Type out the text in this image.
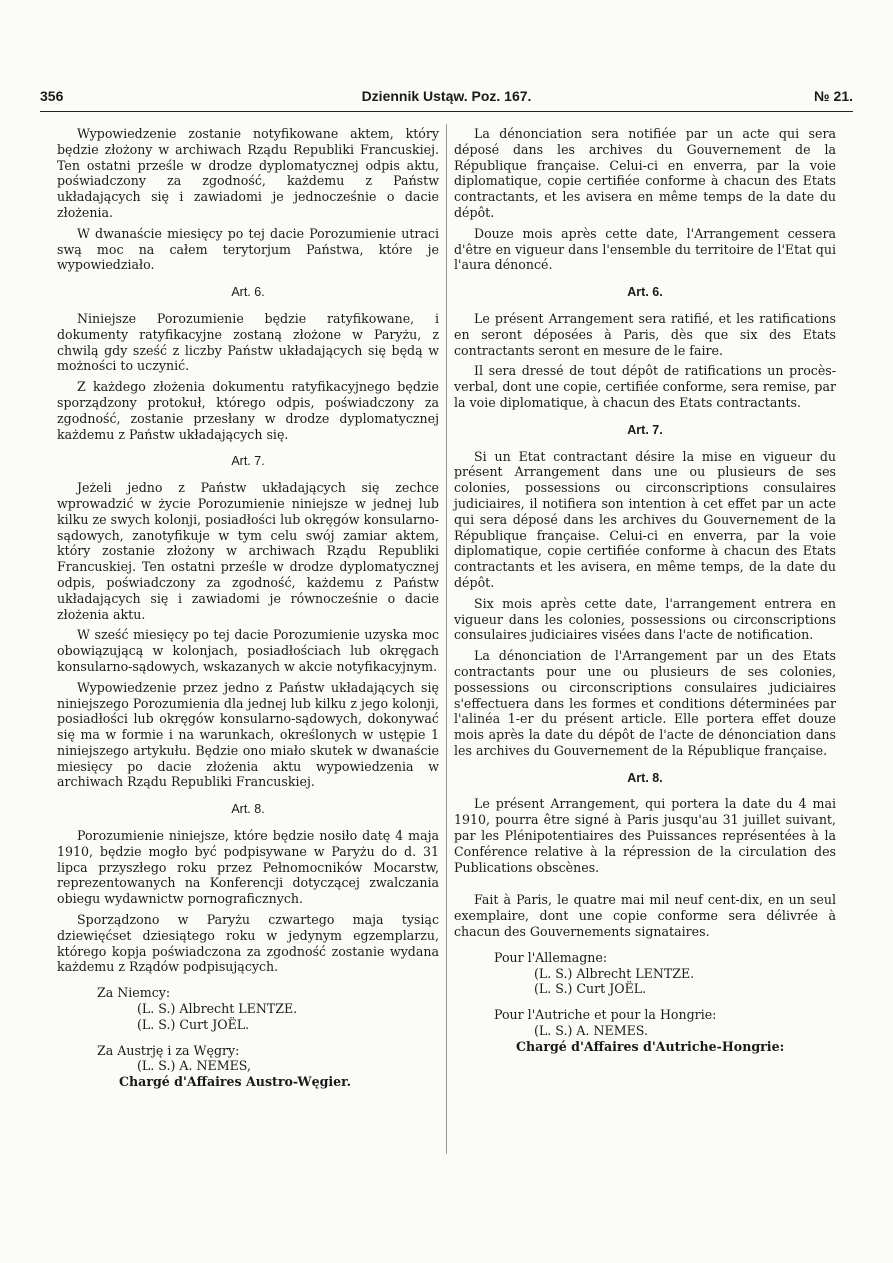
356	Dziennik Ustąw. Poz. 167.	№ 21.

Wypowiedzenie zostanie notyfikowane aktem, który będzie złożony w archiwach Rządu Republiki Francuskiej. Ten ostatni prześle w drodze dyplomatycznej odpis aktu, poświadczony za zgodność, każdemu z Państw układających się i zawiadomi je jednocześnie o dacie złożenia.

W dwanaście miesięcy po tej dacie Porozumienie utraci swą moc na całem terytorjum Państwa, które je wypowiedziało.

Art. 6.

Niniejsze Porozumienie będzie ratyfikowane, i dokumenty ratyfikacyjne zostaną złożone w Paryżu, z chwilą gdy sześć z liczby Państw układających się będą w możności to uczynić.

Z każdego złożenia dokumentu ratyfikacyjnego będzie sporządzony protokuł, którego odpis, poświadczony za zgodność, zostanie przesłany w drodze dyplomatycznej każdemu z Państw układających się.

Art. 7.

Jeżeli jedno z Państw układających się zechce wprowadzić w życie Porozumienie niniejsze w jednej lub kilku ze swych kolonji, posiadłości lub okręgów konsularno-sądowych, zanotyfikuje w tym celu swój zamiar aktem, który zostanie złożony w archiwach Rządu Republiki Francuskiej. Ten ostatni prześle w drodze dyplomatycznej odpis, poświadczony za zgodność, każdemu z Państw układających się i zawiadomi je równocześnie o dacie złożenia aktu.

W sześć miesięcy po tej dacie Porozumienie uzyska moc obowiązującą w kolonjach, posiadłościach lub okręgach konsularno-sądowych, wskazanych w akcie notyfikacyjnym.

Wypowiedzenie przez jedno z Państw układających się niniejszego Porozumienia dla jednej lub kilku z jego kolonji, posiadłości lub okręgów konsularno-sądowych, dokonywać się ma w formie i na warunkach, określonych w ustępie 1 niniejszego artykułu. Będzie ono miało skutek w dwanaście miesięcy po dacie złożenia aktu wypowiedzenia w archiwach Rządu Republiki Francuskiej.

Art. 8.

Porozumienie niniejsze, które będzie nosiło datę 4 maja 1910, będzie mogło być podpisywane w Paryżu do d. 31 lipca przyszłego roku przez Pełnomocników Mocarstw, reprezentowanych na Konferencji dotyczącej zwalczania obiegu wydawnictw pornograficznych.

Sporządzono w Paryżu czwartego maja tysiąc dziewięćset dziesiątego roku w jedynym egzemplarzu, którego kopja poświadczona za zgodność zostanie wydana każdemu z Rządów podpisujących.

Za Niemcy:

(L. S.) Albrecht LENTZE.

(L. S.) Curt JOËL.

Za Austrję i za Węgry:

(L. S.) A. NEMES,

Chargé d'Affaires Austro-Węgier.

La dénonciation sera notifiée par un acte qui sera déposé dans les archives du Gouvernement de la République française. Celui-ci en enverra, par la voie diplomatique, copie certifiée conforme à chacun des Etats contractants, et les avisera en même temps de la date du dépôt.

Douze mois après cette date, l'Arrangement cessera d'être en vigueur dans l'ensemble du territoire de l'Etat qui l'aura dénoncé.

Art. 6.

Le présent Arrangement sera ratifié, et les ratifications en seront déposées à Paris, dès que six des Etats contractants seront en mesure de le faire.

Il sera dressé de tout dépôt de ratifications un procès-verbal, dont une copie, certifiée conforme, sera remise, par la voie diplomatique, à chacun des Etats contractants.

Art. 7.

Si un Etat contractant désire la mise en vigueur du présent Arrangement dans une ou plusieurs de ses colonies, possessions ou circonscriptions consulaires judiciaires, il notifiera son intention à cet effet par un acte qui sera déposé dans les archives du Gouvernement de la République française. Celui-ci en enverra, par la voie diplomatique, copie certifiée conforme à chacun des Etats contractants et les avisera, en même temps, de la date du dépôt.

Six mois après cette date, l'arrangement entrera en vigueur dans les colonies, possessions ou circonscriptions consulaires judiciaires visées dans l'acte de notification.

La dénonciation de l'Arrangement par un des Etats contractants pour une ou plusieurs de ses colonies, possessions ou circonscriptions consulaires judiciaires s'effectuera dans les formes et conditions déterminées par l'alinéa 1-er du présent article. Elle portera effet douze mois après la date du dépôt de l'acte de dénonciation dans les archives du Gouvernement de la République française.

Art. 8.

Le présent Arrangement, qui portera la date du 4 mai 1910, pourra être signé à Paris jusqu'au 31 juillet suivant, par les Plénipotentiaires des Puissances représentées à la Conférence relative à la répression de la circulation des Publications obscènes.

Fait à Paris, le quatre mai mil neuf cent-dix, en un seul exemplaire, dont une copie conforme sera délivrée à chacun des Gouvernements signataires.

Pour l'Allemagne:

(L. S.) Albrecht LENTZE.

(L. S.) Curt JOËL.

Pour l'Autriche et pour la Hongrie:

(L. S.) A. NEMES.

Chargé d'Affaires d'Autriche-Hongrie:
